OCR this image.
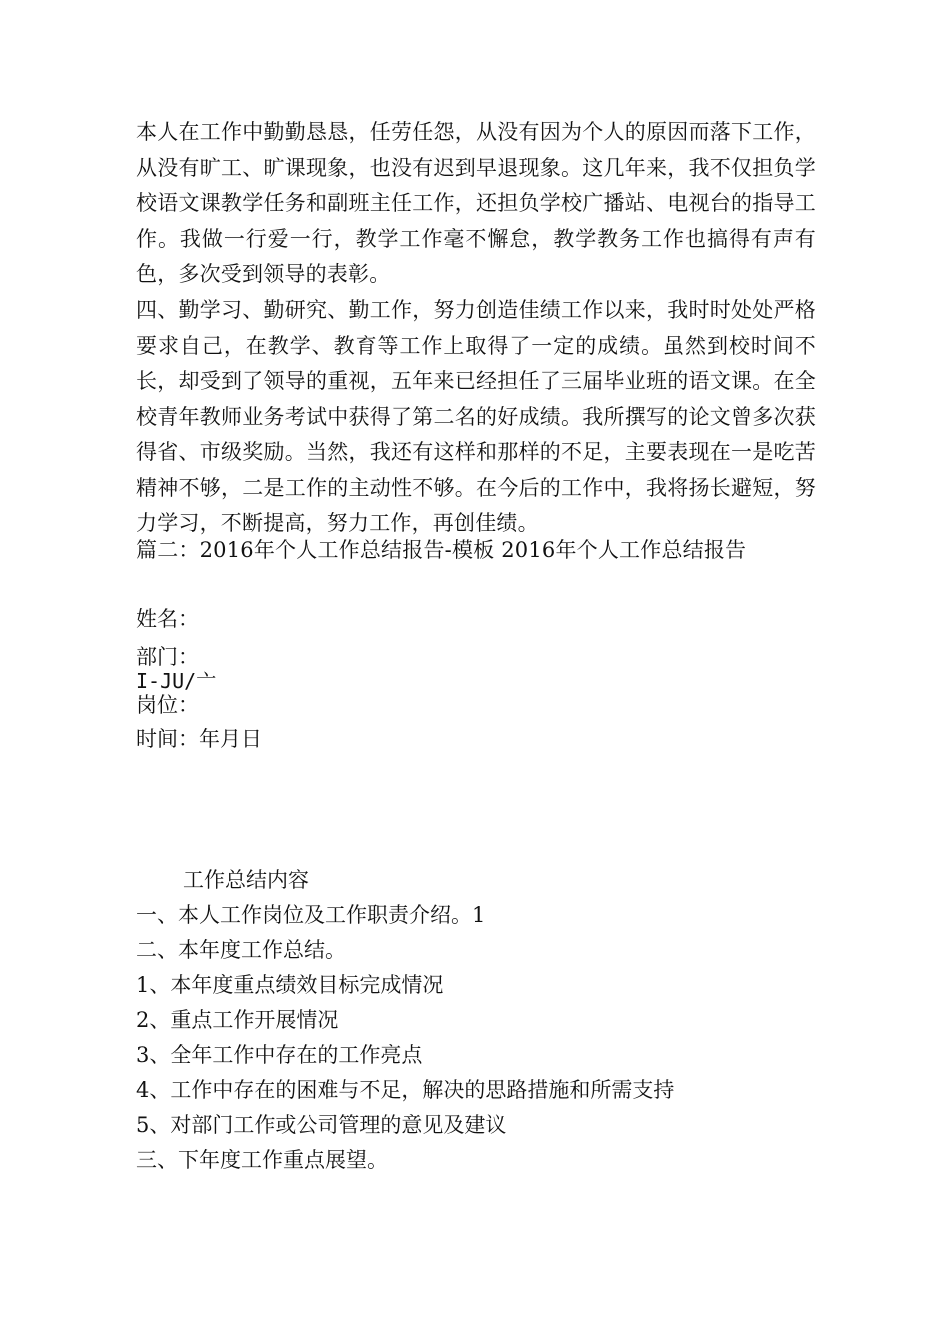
本人在工作中勤勤恳恳，任劳任怨，从没有因为个人的原因而落下工作，从没有旷工、旷课现象，也没有迟到早退现象。这几年来，我不仅担负学校语文课教学任务和副班主任工作，还担负学校广播站、电视台的指导工作。我做一行爱一行，教学工作毫不懈怠，教学教务工作也搞得有声有色，多次受到领导的表彰。

四、勤学习、勤研究、勤工作，努力创造佳绩工作以来，我时时处处严格要求自己，在教学、教育等工作上取得了一定的成绩。虽然到校时间不长，却受到了领导的重视，五年来已经担任了三届毕业班的语文课。在全校青年教师业务考试中获得了第二名的好成绩。我所撰写的论文曾多次获得省、市级奖励。当然，我还有这样和那样的不足，主要表现在一是吃苦精神不够，二是工作的主动性不够。在今后的工作中，我将扬长避短，努力学习，不断提高，努力工作，再创佳绩。

篇二：2016年个人工作总结报告-模板 2016年个人工作总结报告

姓名：

部门：

I-JU/亠

岗位：

时间：年月日

工作总结内容

一、本人工作岗位及工作职责介绍。1
二、本年度工作总结。
1、本年度重点绩效目标完成情况
2、重点工作开展情况
3、全年工作中存在的工作亮点
4、工作中存在的困难与不足，解决的思路措施和所需支持
5、对部门工作或公司管理的意见及建议
三、下年度工作重点展望。
